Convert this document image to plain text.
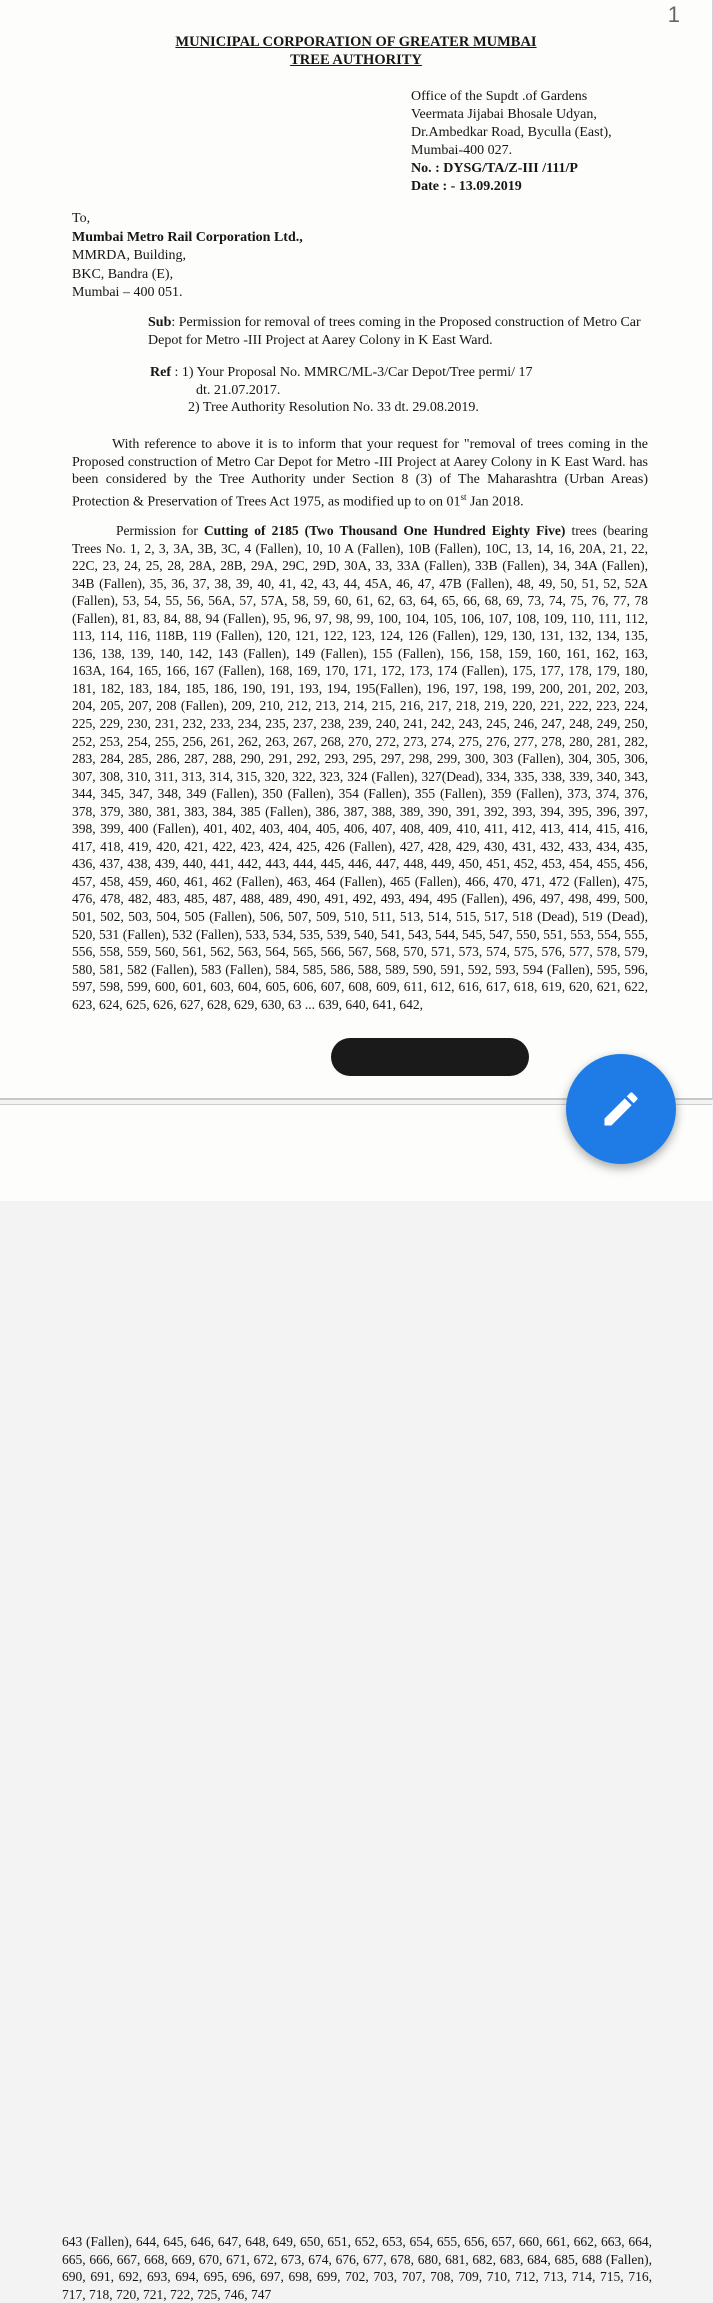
1
MUNICIPAL CORPORATION OF GREATER MUMBAI
TREE AUTHORITY
Office of the Supdt .of Gardens
Veermata Jijabai Bhosale Udyan,
Dr.Ambedkar Road, Byculla (East),
Mumbai-400 027.
No. : DYSG/TA/Z-III /111/P
Date : - 13.09.2019
To,
Mumbai Metro Rail Corporation Ltd.,
MMRDA, Building,
BKC, Bandra (E),
Mumbai – 400 051.
Sub: Permission for removal of trees coming in the Proposed construction of Metro Car Depot for Metro -III Project at Aarey Colony in K East Ward.
Ref : 1) Your Proposal No. MMRC/ML-3/Car Depot/Tree permi/ 17
dt. 21.07.2017.
2) Tree Authority Resolution No. 33 dt. 29.08.2019.
With reference to above it is to inform that your request for "removal of trees coming in the Proposed construction of Metro Car Depot for Metro -III Project at Aarey Colony in K East Ward. has been considered by the Tree Authority under Section 8 (3) of The Maharashtra (Urban Areas) Protection & Preservation of Trees Act 1975, as modified up to on 01st Jan 2018.
Permission for Cutting of 2185 (Two Thousand One Hundred Eighty Five) trees (bearing Trees No. 1, 2, 3, 3A, 3B, 3C, 4 (Fallen), 10, 10 A (Fallen), 10B (Fallen), 10C, 13, 14, 16, 20A, 21, 22, 22C, 23, 24, 25, 28, 28A, 28B, 29A, 29C, 29D, 30A, 33, 33A (Fallen), 33B (Fallen), 34, 34A (Fallen), 34B (Fallen), 35, 36, 37, 38, 39, 40, 41, 42, 43, 44, 45A, 46, 47, 47B (Fallen), 48, 49, 50, 51, 52, 52A (Fallen), 53, 54, 55, 56, 56A, 57, 57A, 58, 59, 60, 61, 62, 63, 64, 65, 66, 68, 69, 73, 74, 75, 76, 77, 78 (Fallen), 81, 83, 84, 88, 94 (Fallen), 95, 96, 97, 98, 99, 100, 104, 105, 106, 107, 108, 109, 110, 111, 112, 113, 114, 116, 118B, 119 (Fallen), 120, 121, 122, 123, 124, 126 (Fallen), 129, 130, 131, 132, 134, 135, 136, 138, 139, 140, 142, 143 (Fallen), 149 (Fallen), 155 (Fallen), 156, 158, 159, 160, 161, 162, 163, 163A, 164, 165, 166, 167 (Fallen), 168, 169, 170, 171, 172, 173, 174 (Fallen), 175, 177, 178, 179, 180, 181, 182, 183, 184, 185, 186, 190, 191, 193, 194, 195(Fallen), 196, 197, 198, 199, 200, 201, 202, 203, 204, 205, 207, 208 (Fallen), 209, 210, 212, 213, 214, 215, 216, 217, 218, 219, 220, 221, 222, 223, 224, 225, 229, 230, 231, 232, 233, 234, 235, 237, 238, 239, 240, 241, 242, 243, 245, 246, 247, 248, 249, 250, 252, 253, 254, 255, 256, 261, 262, 263, 267, 268, 270, 272, 273, 274, 275, 276, 277, 278, 280, 281, 282, 283, 284, 285, 286, 287, 288, 290, 291, 292, 293, 295, 297, 298, 299, 300, 303 (Fallen), 304, 305, 306, 307, 308, 310, 311, 313, 314, 315, 320, 322, 323, 324 (Fallen), 327(Dead), 334, 335, 338, 339, 340, 343, 344, 345, 347, 348, 349 (Fallen), 350 (Fallen), 354 (Fallen), 355 (Fallen), 359 (Fallen), 373, 374, 376, 378, 379, 380, 381, 383, 384, 385 (Fallen), 386, 387, 388, 389, 390, 391, 392, 393, 394, 395, 396, 397, 398, 399, 400 (Fallen), 401, 402, 403, 404, 405, 406, 407, 408, 409, 410, 411, 412, 413, 414, 415, 416, 417, 418, 419, 420, 421, 422, 423, 424, 425, 426 (Fallen), 427, 428, 429, 430, 431, 432, 433, 434, 435, 436, 437, 438, 439, 440, 441, 442, 443, 444, 445, 446, 447, 448, 449, 450, 451, 452, 453, 454, 455, 456, 457, 458, 459, 460, 461, 462 (Fallen), 463, 464 (Fallen), 465 (Fallen), 466, 470, 471, 472 (Fallen), 475, 476, 478, 482, 483, 485, 487, 488, 489, 490, 491, 492, 493, 494, 495 (Fallen), 496, 497, 498, 499, 500, 501, 502, 503, 504, 505 (Fallen), 506, 507, 509, 510, 511, 513, 514, 515, 517, 518 (Dead), 519 (Dead), 520, 531 (Fallen), 532 (Fallen), 533, 534, 535, 539, 540, 541, 543, 544, 545, 547, 550, 551, 553, 554, 555, 556, 558, 559, 560, 561, 562, 563, 564, 565, 566, 567, 568, 570, 571, 573, 574, 575, 576, 577, 578, 579, 580, 581, 582 (Fallen), 583 (Fallen), 584, 585, 586, 588, 589, 590, 591, 592, 593, 594 (Fallen), 595, 596, 597, 598, 599, 600, 601, 603, 604, 605, 606, 607, 608, 609, 611, 612, 616, 617, 618, 619, 620, 621, 622, 623, 624, 625, 626, 627, 628, 629, 630, 63 ... 639, 640, 641, 642,
643 (Fallen), 644, 645, 646, 647, 648, 649, 650, 651, 652, 653, 654, 655, 656, 657, 660, 661, 662, 663, 664, 665, 666, 667, 668, 669, 670, 671, 672, 673, 674, 676, 677, 678, 680, 681, 682, 683, 684, 685, 688 (Fallen), 690, 691, 692, 693, 694, 695, 696, 697, 698, 699, 702, 703, 707, 708, 709, 710, 712, 713, 714, 715, 716, 717, 718, 720, 721, 722, 725, 746, 747
